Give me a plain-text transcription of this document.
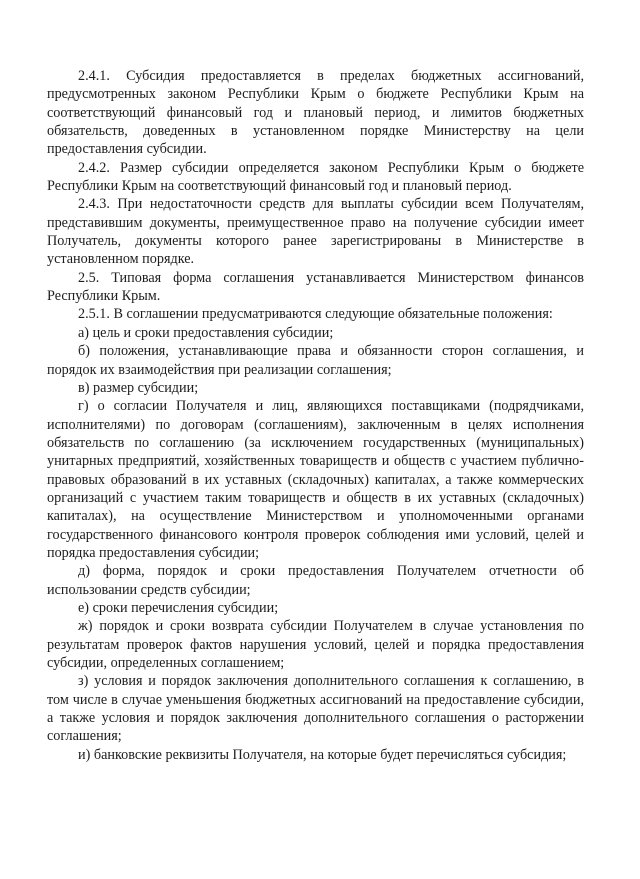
2.4.1. Субсидия предоставляется в пределах бюджетных ассигнований, предусмотренных законом Республики Крым о бюджете Республики Крым на соответствующий финансовый год и плановый период, и лимитов бюджетных обязательств, доведенных в установленном порядке Министерству на цели предоставления субсидии.

2.4.2. Размер субсидии определяется законом Республики Крым о бюджете Республики Крым на соответствующий финансовый год и плановый период.

2.4.3. При недостаточности средств для выплаты субсидии всем Получателям, представившим документы, преимущественное право на получение субсидии имеет Получатель, документы которого ранее зарегистрированы в Министерстве в установленном порядке.

2.5. Типовая форма соглашения устанавливается Министерством финансов Республики Крым.

2.5.1. В соглашении предусматриваются следующие обязательные положения:

а) цель и сроки предоставления субсидии;

б) положения, устанавливающие права и обязанности сторон соглашения, и порядок их взаимодействия при реализации соглашения;

в) размер субсидии;

г) о согласии Получателя и лиц, являющихся поставщиками (подрядчиками, исполнителями) по договорам (соглашениям), заключенным в целях исполнения обязательств по соглашению (за исключением государственных (муниципальных) унитарных предприятий, хозяйственных товариществ и обществ с участием публично-правовых образований в их уставных (складочных) капиталах, а также коммерческих организаций с участием таким товариществ и обществ в их уставных (складочных) капиталах), на осуществление Министерством и уполномоченными органами государственного финансового контроля проверок соблюдения ими условий, целей и порядка предоставления субсидии;

д) форма, порядок и сроки предоставления Получателем отчетности об использовании средств субсидии;

е) сроки перечисления субсидии;

ж) порядок и сроки возврата субсидии Получателем в случае установления по результатам проверок фактов нарушения условий, целей и порядка предоставления субсидии, определенных соглашением;

з) условия и порядок заключения дополнительного соглашения к соглашению, в том числе в случае уменьшения бюджетных ассигнований на предоставление субсидии, а также условия и порядок заключения дополнительного соглашения о расторжении соглашения;

и) банковские реквизиты Получателя, на которые будет перечисляться субсидия;
